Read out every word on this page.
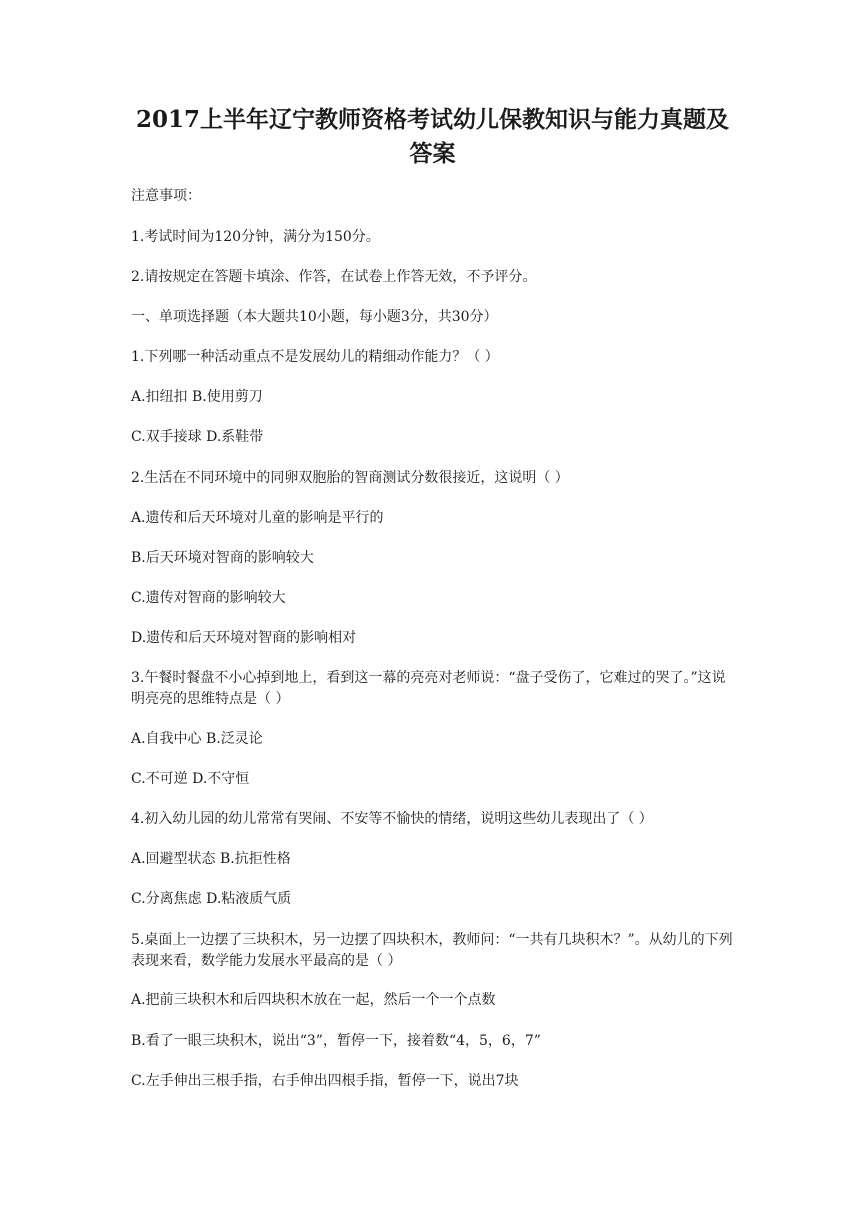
2017上半年辽宁教师资格考试幼儿保教知识与能力真题及
答案

注意事项：

1.考试时间为120分钟，满分为150分。

2.请按规定在答题卡填涂、作答，在试卷上作答无效，不予评分。

一、单项选择题（本大题共10小题，每小题3分，共30分）

1.下列哪一种活动重点不是发展幼儿的精细动作能力？（ ）

A.扣纽扣 B.使用剪刀

C.双手接球 D.系鞋带

2.生活在不同环境中的同卵双胞胎的智商测试分数很接近，这说明（ ）

A.遗传和后天环境对儿童的影响是平行的

B.后天环境对智商的影响较大

C.遗传对智商的影响较大

D.遗传和后天环境对智商的影响相对

3.午餐时餐盘不小心掉到地上，看到这一幕的亮亮对老师说：“盘子受伤了，它难过的哭了。”这说明亮亮的思维特点是（ ）

A.自我中心 B.泛灵论

C.不可逆 D.不守恒

4.初入幼儿园的幼儿常常有哭闹、不安等不愉快的情绪，说明这些幼儿表现出了（ ）

A.回避型状态 B.抗拒性格

C.分离焦虑 D.粘液质气质

5.桌面上一边摆了三块积木，另一边摆了四块积木，教师问：“一共有几块积木？”。从幼儿的下列表现来看，数学能力发展水平最高的是（ ）

A.把前三块积木和后四块积木放在一起，然后一个一个点数

B.看了一眼三块积木，说出“3”，暂停一下，接着数“4，5，6，7”

C.左手伸出三根手指，右手伸出四根手指，暂停一下，说出7块
